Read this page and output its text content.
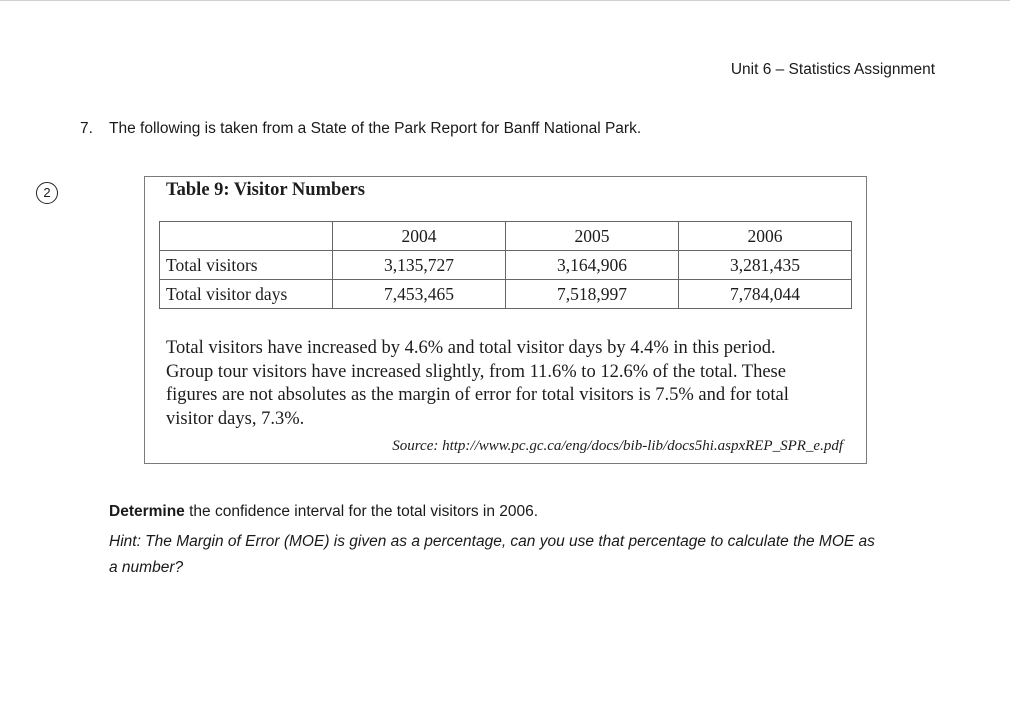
Unit 6 – Statistics Assignment
7. The following is taken from a State of the Park Report for Banff National Park.
2	Table 9: Visitor Numbers
	2004	2005	2006
Total visitors	3,135,727	3,164,906	3,281,435
Total visitor days	7,453,465	7,518,997	7,784,044
Total visitors have increased by 4.6% and total visitor days by 4.4% in this period.
Group tour visitors have increased slightly, from 11.6% to 12.6% of the total. These
figures are not absolutes as the margin of error for total visitors is 7.5% and for total
visitor days, 7.3%.
Source: http://www.pc.gc.ca/eng/docs/bib-lib/docs5hi.aspxREP_SPR_e.pdf
Determine the confidence interval for the total visitors in 2006.
Hint: The Margin of Error (MOE) is given as a percentage, can you use that percentage to calculate the MOE as
a number?
